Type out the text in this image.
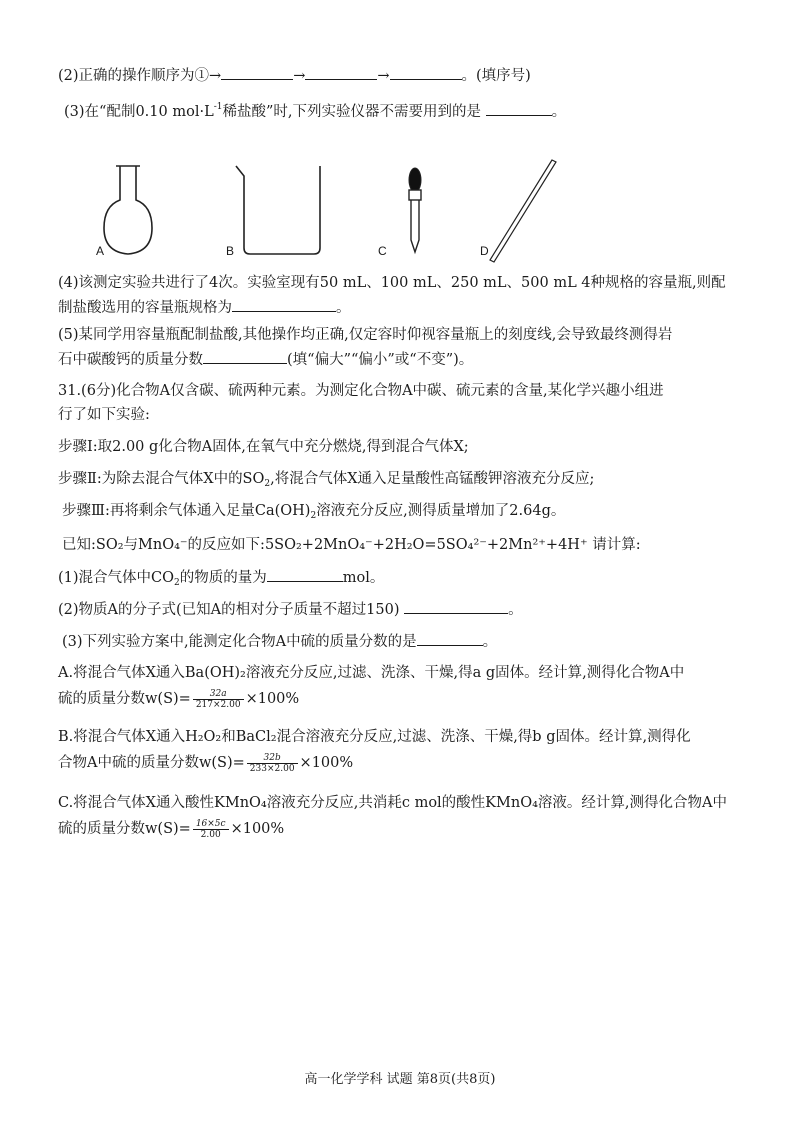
(2)正确的操作顺序为①→	→	→	。(填序号)
(3)在“配制0.10 $mol\cdot L^{-1}$稀盐酸”时,下列实验仪器不需要用到的是	。
A	B	C	D
(4)该测定实验共进行了4次。实验室现有50 mL、100 mL、250 mL、500 mL 4种规格的容量瓶,则配
制盐酸选用的容量瓶规格为	。
(5)某同学用容量瓶配制盐酸,其他操作均正确,仅定容时仰视容量瓶上的刻度线,会导致最终测得岩
石中碳酸钙的质量分数	(填“偏大”“偏小”或“不变”)。
31.(6分)化合物A仅含碳、硫两种元素。为测定化合物A中碳、硫元素的含量,某化学兴趣小组进
行了如下实验:
步骤Ⅰ:取2.00 g化合物A固体,在氧气中充分燃烧,得到混合气体X;
步骤Ⅱ:为除去混合气体X中的$SO_2$,将混合气体X通入足量酸性高锰酸钾溶液充分反应;
步骤Ⅲ:再将剩余气体通入足量$Ca(OH)_2$溶液充分反应,测得质量增加了2.64g。
已知:SO₂与MnO₄⁻的反应如下:5SO₂+2MnO₄⁻+2H₂O=5SO₄²⁻+2Mn²⁺+4H⁺ 请计算:
(1)混合气体中$CO_2$的物质的量为	mol。
(2)物质A的分子式(已知A的相对分子质量不超过150)	。
(3)下列实验方案中,能测定化合物A中硫的质量分数的是	。
A.将混合气体X通入Ba(OH)₂溶液充分反应,过滤、洗涤、干燥,得a g固体。经计算,测得化合物A中
硫的质量分数$w(S)= \frac{32a}{217\times 2.00} \times 100\%$
B.将混合气体X通入H₂O₂和BaCl₂混合溶液充分反应,过滤、洗涤、干燥,得b g固体。经计算,测得化
合物A中硫的质量分数$w(S)= \frac{32b}{233\times 2.00} \times 100\%$
C.将混合气体X通入酸性KMnO₄溶液充分反应,共消耗c mol的酸性KMnO₄溶液。经计算,测得化合物A中
硫的质量分数$w(S)= \frac{16\times 5c}{2.00} \times 100\%$
高一化学学科 试题 第8页(共8页)
